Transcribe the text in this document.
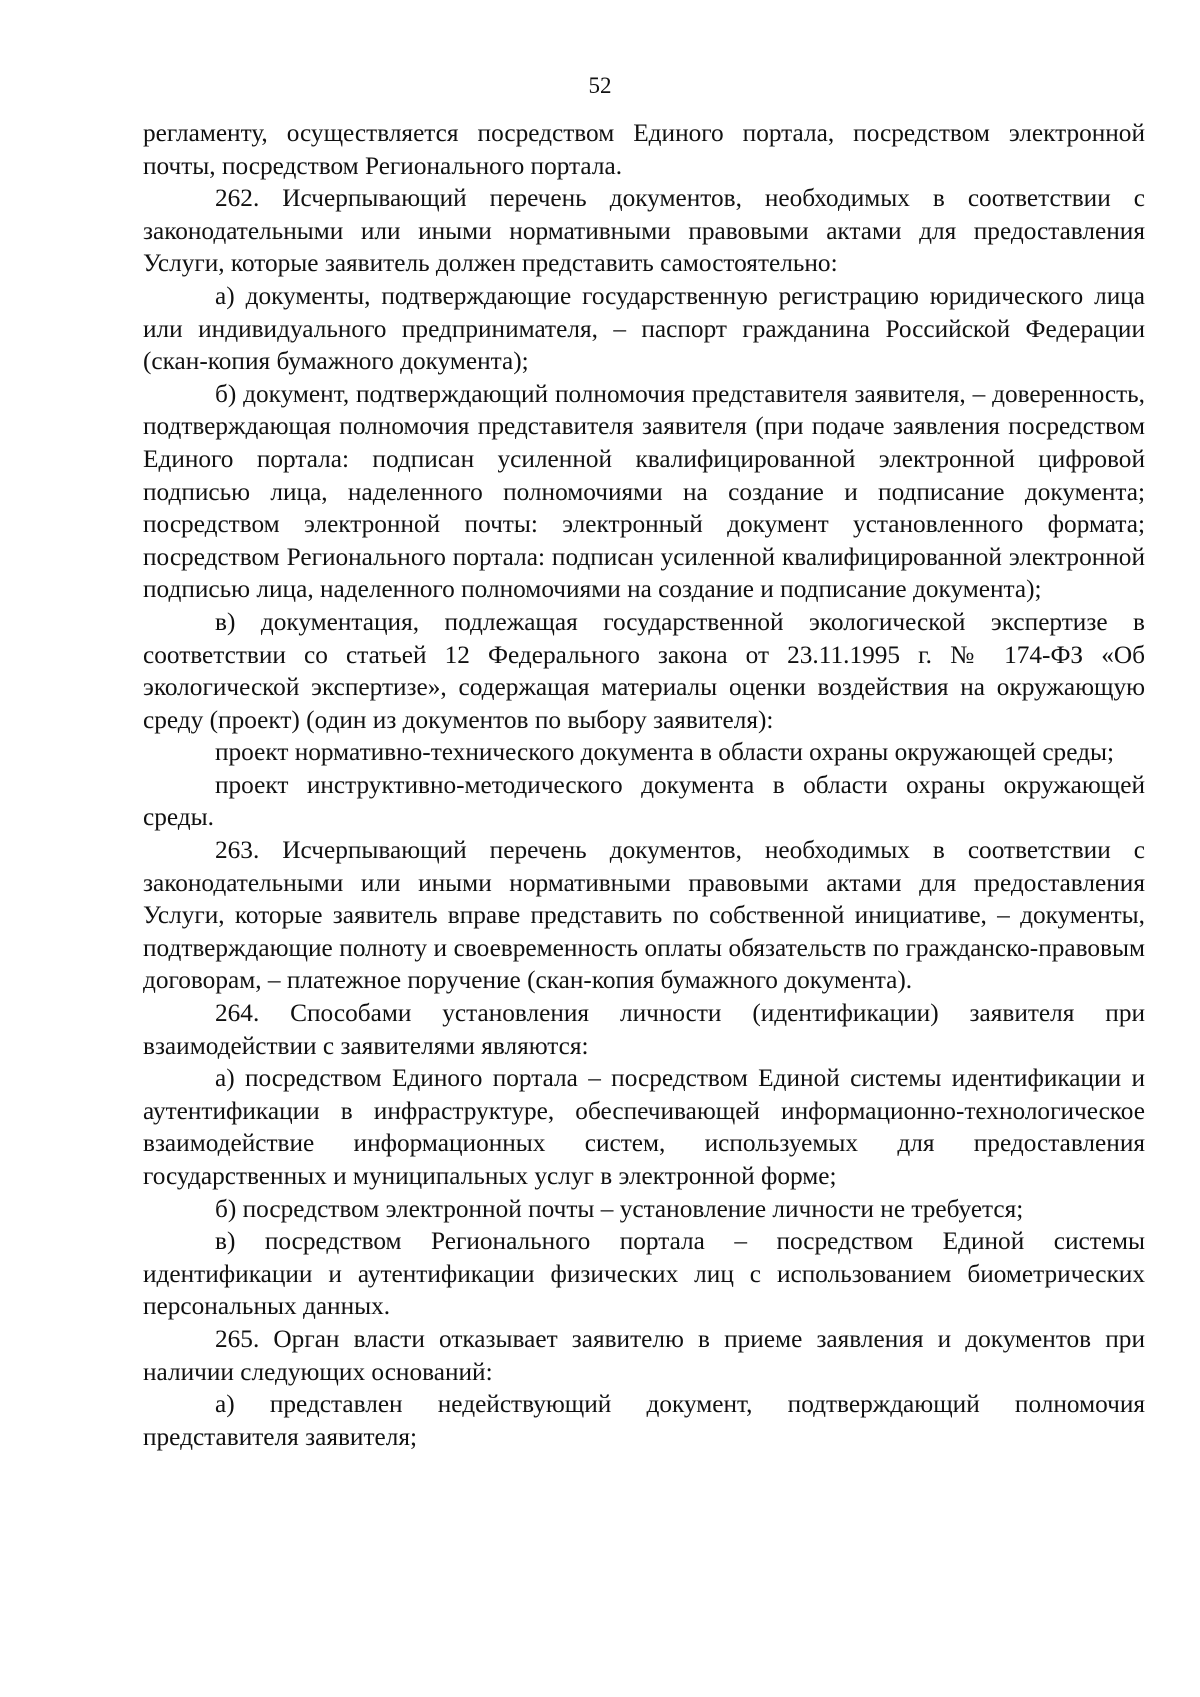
52

регламенту, осуществляется посредством Единого портала, посредством электронной почты, посредством Регионального портала.

262. Исчерпывающий перечень документов, необходимых в соответствии с законодательными или иными нормативными правовыми актами для предоставления Услуги, которые заявитель должен представить самостоятельно:

а) документы, подтверждающие государственную регистрацию юридического лица или индивидуального предпринимателя, – паспорт гражданина Российской Федерации (скан-копия бумажного документа);

б) документ, подтверждающий полномочия представителя заявителя, – доверенность, подтверждающая полномочия представителя заявителя (при подаче заявления посредством Единого портала: подписан усиленной квалифицированной электронной цифровой подписью лица, наделенного полномочиями на создание и подписание документа; посредством электронной почты: электронный документ установленного формата; посредством Регионального портала: подписан усиленной квалифицированной электронной подписью лица, наделенного полномочиями на создание и подписание документа);

в) документация, подлежащая государственной экологической экспертизе в соответствии со статьей 12 Федерального закона от 23.11.1995 г. № 174-ФЗ «Об экологической экспертизе», содержащая материалы оценки воздействия на окружающую среду (проект) (один из документов по выбору заявителя):

проект нормативно-технического документа в области охраны окружающей среды;

проект инструктивно-методического документа в области охраны окружающей среды.

263. Исчерпывающий перечень документов, необходимых в соответствии с законодательными или иными нормативными правовыми актами для предоставления Услуги, которые заявитель вправе представить по собственной инициативе, – документы, подтверждающие полноту и своевременность оплаты обязательств по гражданско-правовым договорам, – платежное поручение (скан-копия бумажного документа).

264. Способами установления личности (идентификации) заявителя при взаимодействии с заявителями являются:

а) посредством Единого портала – посредством Единой системы идентификации и аутентификации в инфраструктуре, обеспечивающей информационно-технологическое взаимодействие информационных систем, используемых для предоставления государственных и муниципальных услуг в электронной форме;

б) посредством электронной почты – установление личности не требуется;

в) посредством Регионального портала – посредством Единой системы идентификации и аутентификации физических лиц с использованием биометрических персональных данных.

265. Орган власти отказывает заявителю в приеме заявления и документов при наличии следующих оснований:

а) представлен недействующий документ, подтверждающий полномочия представителя заявителя;
